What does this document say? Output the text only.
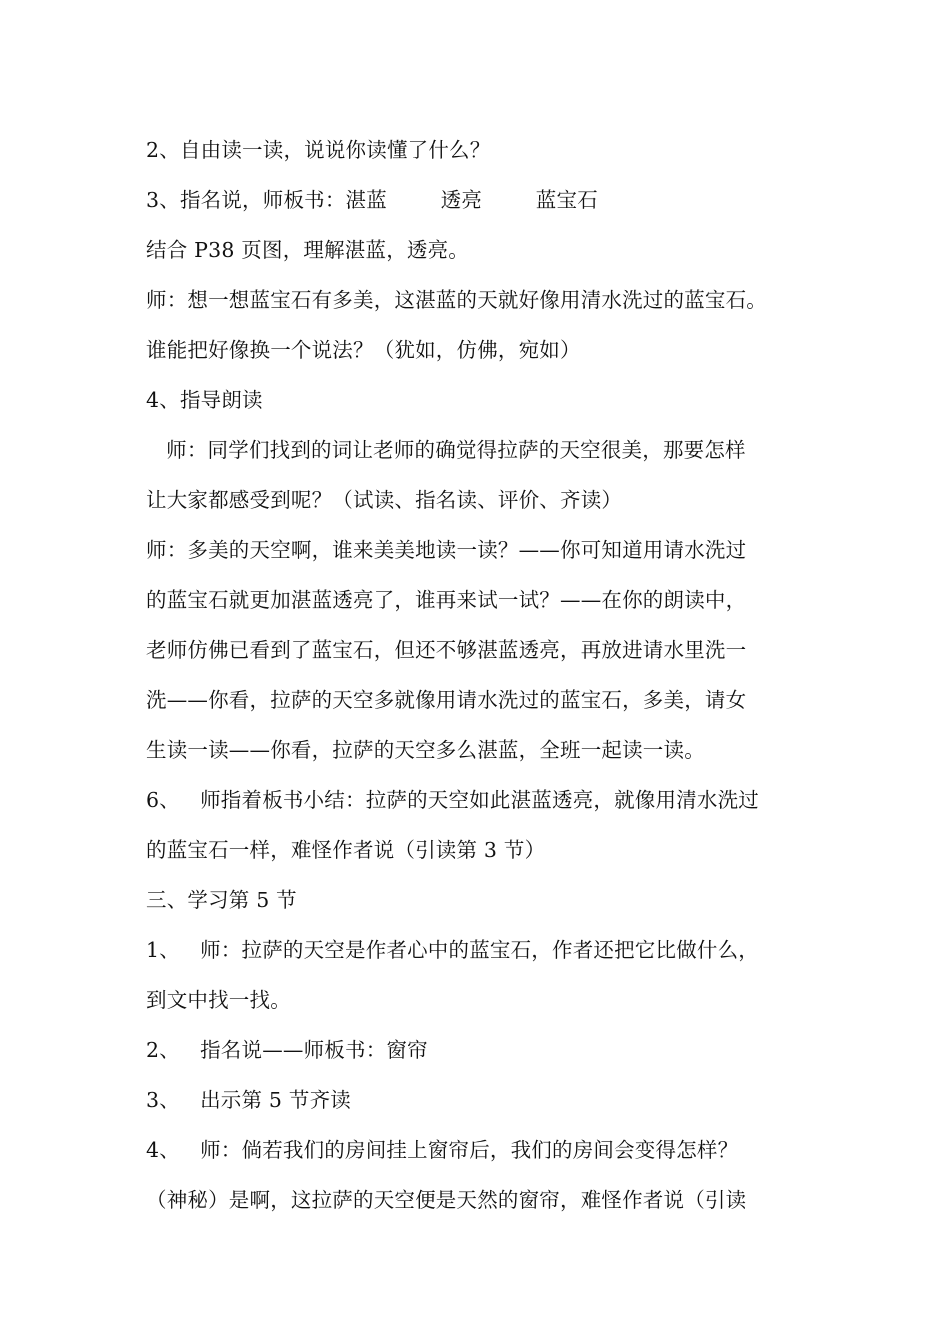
2、自由读一读，说说你读懂了什么？
3、指名说，师板书：湛蓝        透亮        蓝宝石
结合 P38 页图，理解湛蓝，透亮。
师：想一想蓝宝石有多美，这湛蓝的天就好像用清水洗过的蓝宝石。
谁能把好像换一个说法？（犹如，仿佛，宛如）
4、指导朗读
师：同学们找到的词让老师的确觉得拉萨的天空很美，那要怎样
让大家都感受到呢？（试读、指名读、评价、齐读）
师：多美的天空啊，谁来美美地读一读？——你可知道用请水洗过
的蓝宝石就更加湛蓝透亮了，谁再来试一试？——在你的朗读中，
老师仿佛已看到了蓝宝石，但还不够湛蓝透亮，再放进请水里洗一
洗——你看，拉萨的天空多就像用请水洗过的蓝宝石，多美，请女
生读一读——你看，拉萨的天空多么湛蓝，全班一起读一读。
6、   师指着板书小结：拉萨的天空如此湛蓝透亮，就像用清水洗过
的蓝宝石一样，难怪作者说（引读第 3 节）
三、学习第 5 节
1、   师：拉萨的天空是作者心中的蓝宝石，作者还把它比做什么，
到文中找一找。
2、   指名说——师板书：窗帘
3、   出示第 5 节齐读
4、   师：倘若我们的房间挂上窗帘后，我们的房间会变得怎样？
（神秘）是啊，这拉萨的天空便是天然的窗帘，难怪作者说（引读
